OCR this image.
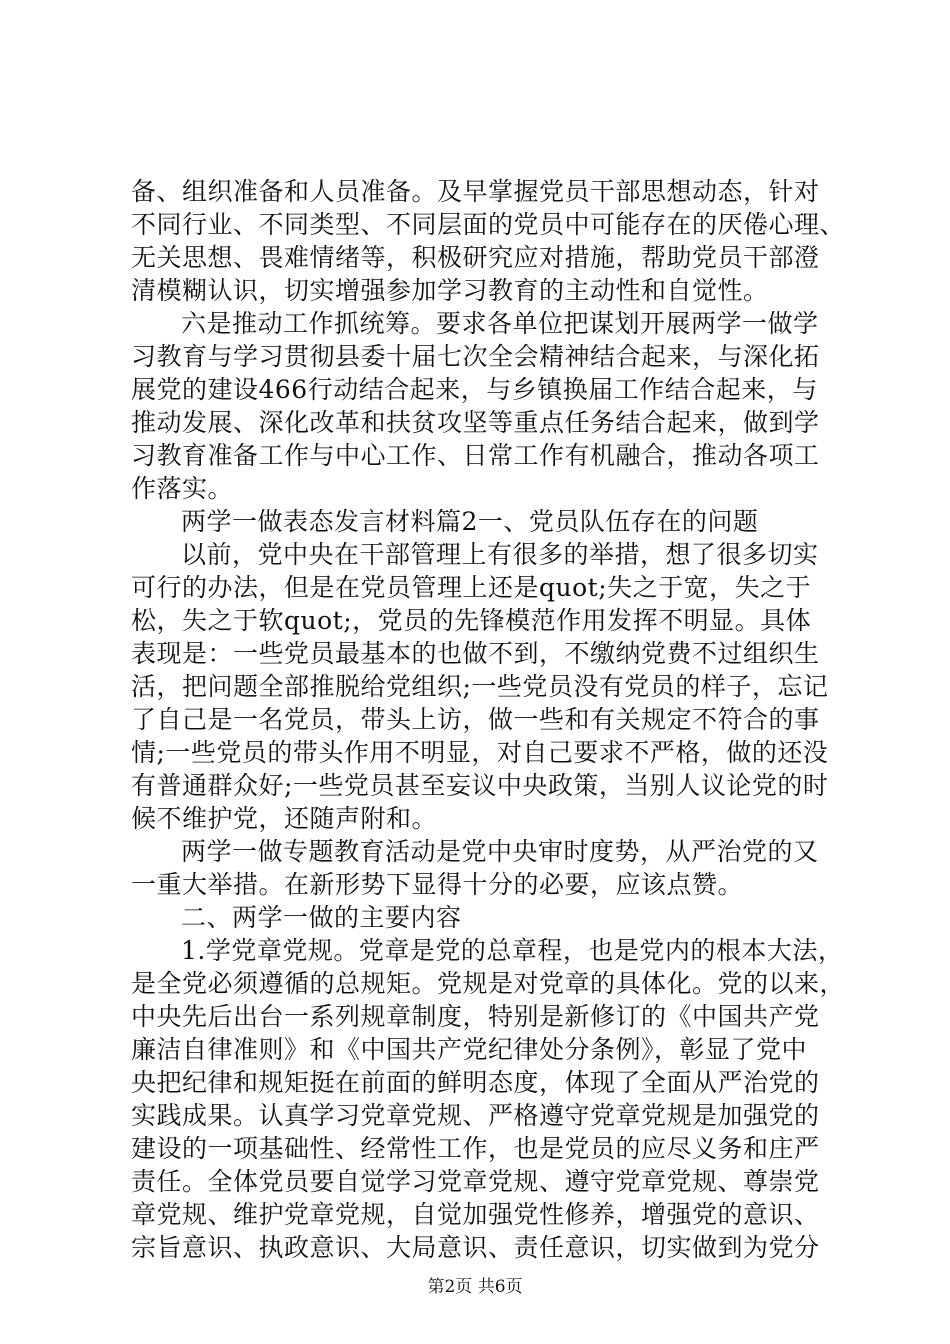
备、组织准备和人员准备。及早掌握党员干部思想动态，针对
不同行业、不同类型、不同层面的党员中可能存在的厌倦心理、
无关思想、畏难情绪等，积极研究应对措施，帮助党员干部澄
清模糊认识，切实增强参加学习教育的主动性和自觉性。
六是推动工作抓统筹。要求各单位把谋划开展两学一做学
习教育与学习贯彻县委十届七次全会精神结合起来，与深化拓
展党的建设466行动结合起来，与乡镇换届工作结合起来，与
推动发展、深化改革和扶贫攻坚等重点任务结合起来，做到学
习教育准备工作与中心工作、日常工作有机融合，推动各项工
作落实。
两学一做表态发言材料篇2一、党员队伍存在的问题
以前，党中央在干部管理上有很多的举措，想了很多切实
可行的办法，但是在党员管理上还是quot;失之于宽，失之于
松，失之于软quot;，党员的先锋模范作用发挥不明显。具体
表现是：一些党员最基本的也做不到，不缴纳党费不过组织生
活，把问题全部推脱给党组织;一些党员没有党员的样子，忘记
了自己是一名党员，带头上访，做一些和有关规定不符合的事
情;一些党员的带头作用不明显，对自己要求不严格，做的还没
有普通群众好;一些党员甚至妄议中央政策，当别人议论党的时
候不维护党，还随声附和。
两学一做专题教育活动是党中央审时度势，从严治党的又
一重大举措。在新形势下显得十分的必要，应该点赞。
二、两学一做的主要内容
1.学党章党规。党章是党的总章程，也是党内的根本大法，
是全党必须遵循的总规矩。党规是对党章的具体化。党的以来，
中央先后出台一系列规章制度，特别是新修订的《中国共产党
廉洁自律准则》和《中国共产党纪律处分条例》，彰显了党中
央把纪律和规矩挺在前面的鲜明态度，体现了全面从严治党的
实践成果。认真学习党章党规、严格遵守党章党规是加强党的
建设的一项基础性、经常性工作，也是党员的应尽义务和庄严
责任。全体党员要自觉学习党章党规、遵守党章党规、尊崇党
章党规、维护党章党规，自觉加强党性修养，增强党的意识、
宗旨意识、执政意识、大局意识、责任意识，切实做到为党分
第2页 共6页
